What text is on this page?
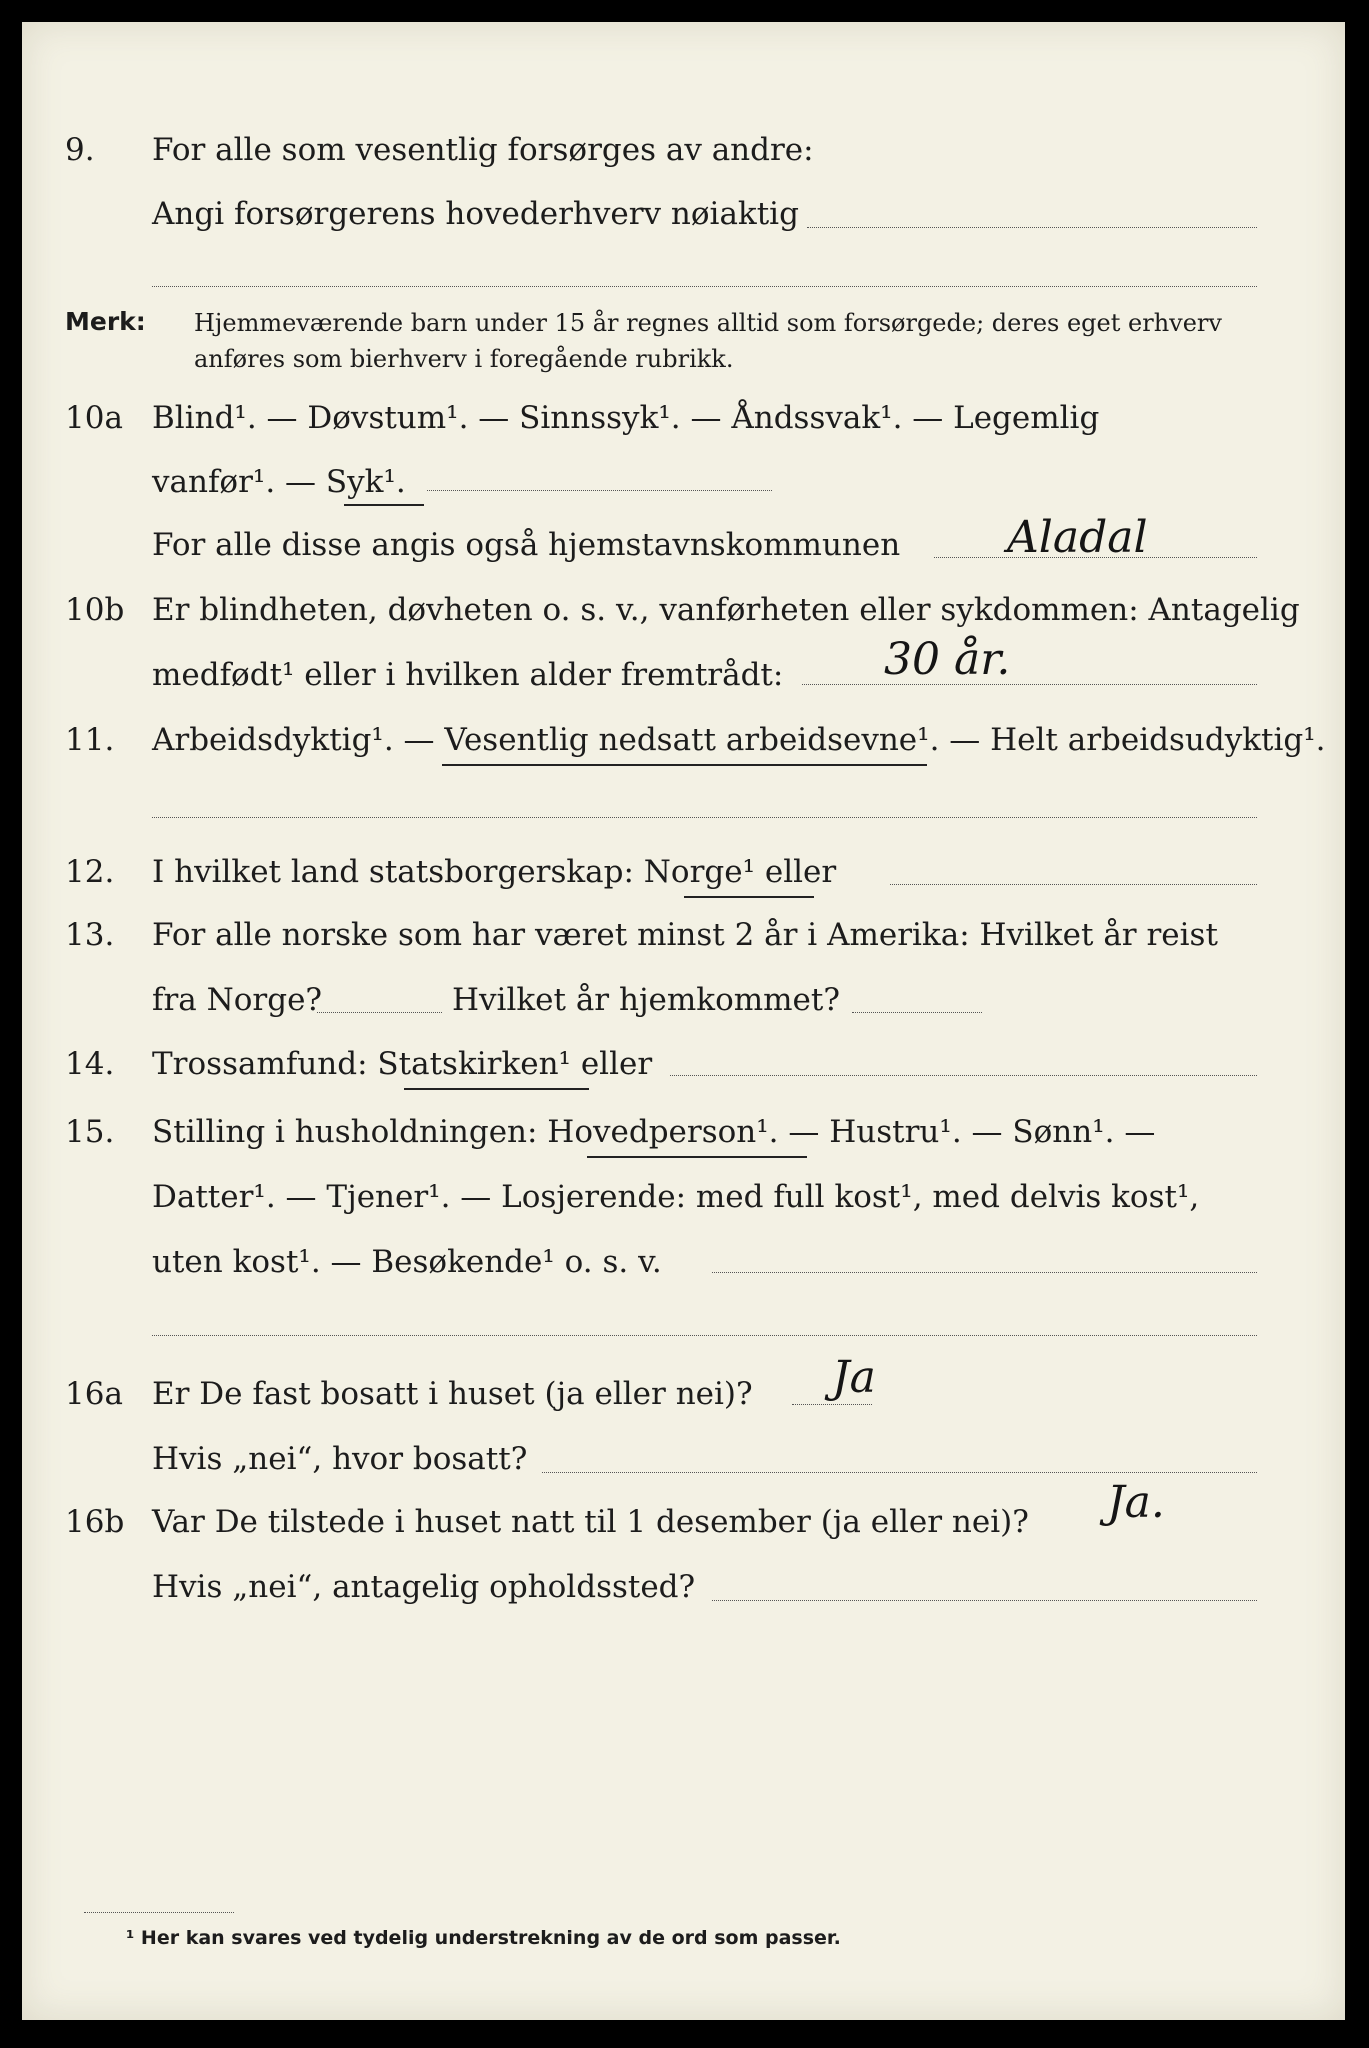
9. For alle som vesentlig forsørges av andre:
Angi forsørgerens hovederhverv nøiaktig
Merk: Hjemmeværende barn under 15 år regnes alltid som forsørgede; deres eget erhverv
anføres som bierhverv i foregående rubrikk.
10a Blind¹. — Døvstum¹. — Sinnssyk¹. — Åndssvak¹. — Legemlig
vanfør¹. — Syk¹.
For alle disse angis også hjemstavnskommunen Aladal
10b Er blindheten, døvheten o. s. v., vanførheten eller sykdommen: Antagelig
medfødt¹ eller i hvilken alder fremtrådt: 30 år.
11. Arbeidsdyktig¹. — Vesentlig nedsatt arbeidsevne¹. — Helt arbeidsudyktig¹.
12. I hvilket land statsborgerskap: Norge¹ eller
13. For alle norske som har været minst 2 år i Amerika: Hvilket år reist
fra Norge?	Hvilket år hjemkommet?
14. Trossamfund: Statskirken¹ eller
15. Stilling i husholdningen: Hovedperson¹. — Hustru¹. — Sønn¹. —
Datter¹. — Tjener¹. — Losjerende: med full kost¹, med delvis kost¹,
uten kost¹. — Besøkende¹ o. s. v.
16a Er De fast bosatt i huset (ja eller nei)? Ja
Hvis „nei“, hvor bosatt?
16b Var De tilstede i huset natt til 1 desember (ja eller nei)? Ja.
Hvis „nei“, antagelig opholdssted?
¹ Her kan svares ved tydelig understrekning av de ord som passer.
